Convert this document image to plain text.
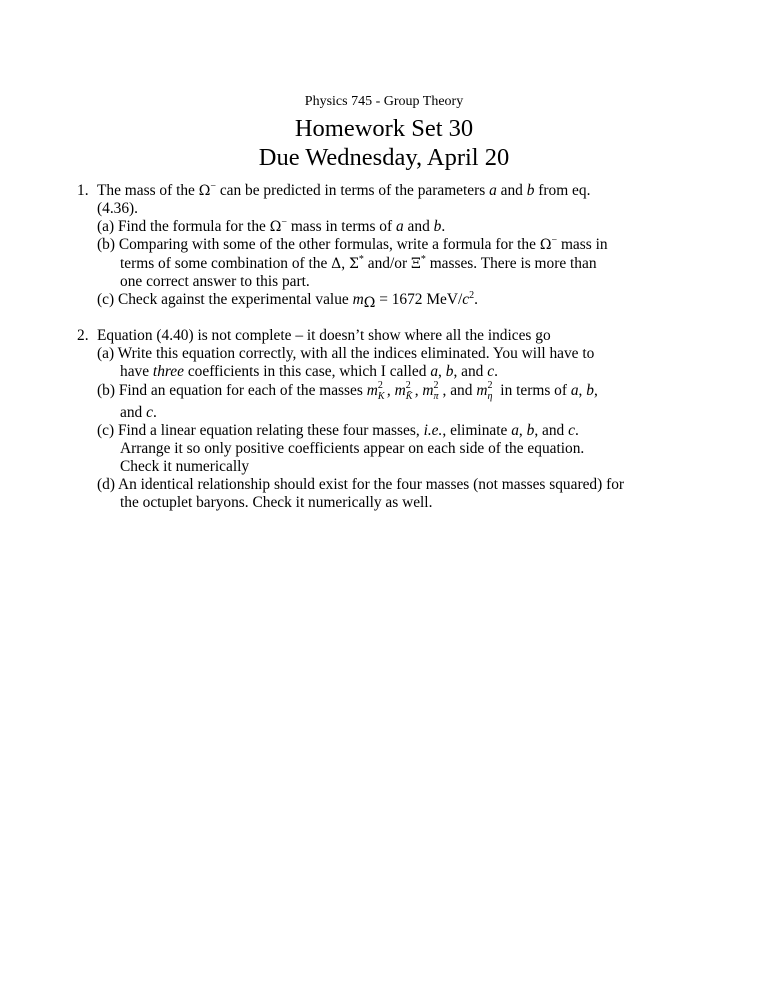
Physics 745 - Group Theory
Homework Set 30
Due Wednesday, April 20
1. The mass of the Ω− can be predicted in terms of the parameters a and b from eq.
(4.36).
(a) Find the formula for the Ω− mass in terms of a and b.
(b) Comparing with some of the other formulas, write a formula for the Ω− mass in
terms of some combination of the Δ, Σ* and/or Ξ* masses. There is more than
one correct answer to this part.
(c) Check against the experimental value $m_\Omega = 1672$ MeV/$c^2$.
2. Equation (4.40) is not complete – it doesn’t show where all the indices go
(a) Write this equation correctly, with all the indices eliminated. You will have to
have three coefficients in this case, which I called a, b, and c.
(b) Find an equation for each of the masses m 2
K , m 2
K̄ , m 2
π , and m 2
η in terms of a, b,
and c.
(c) Find a linear equation relating these four masses, i.e., eliminate a, b, and c.
Arrange it so only positive coefficients appear on each side of the equation.
Check it numerically
(d) An identical relationship should exist for the four masses (not masses squared) for
the octuplet baryons. Check it numerically as well.
